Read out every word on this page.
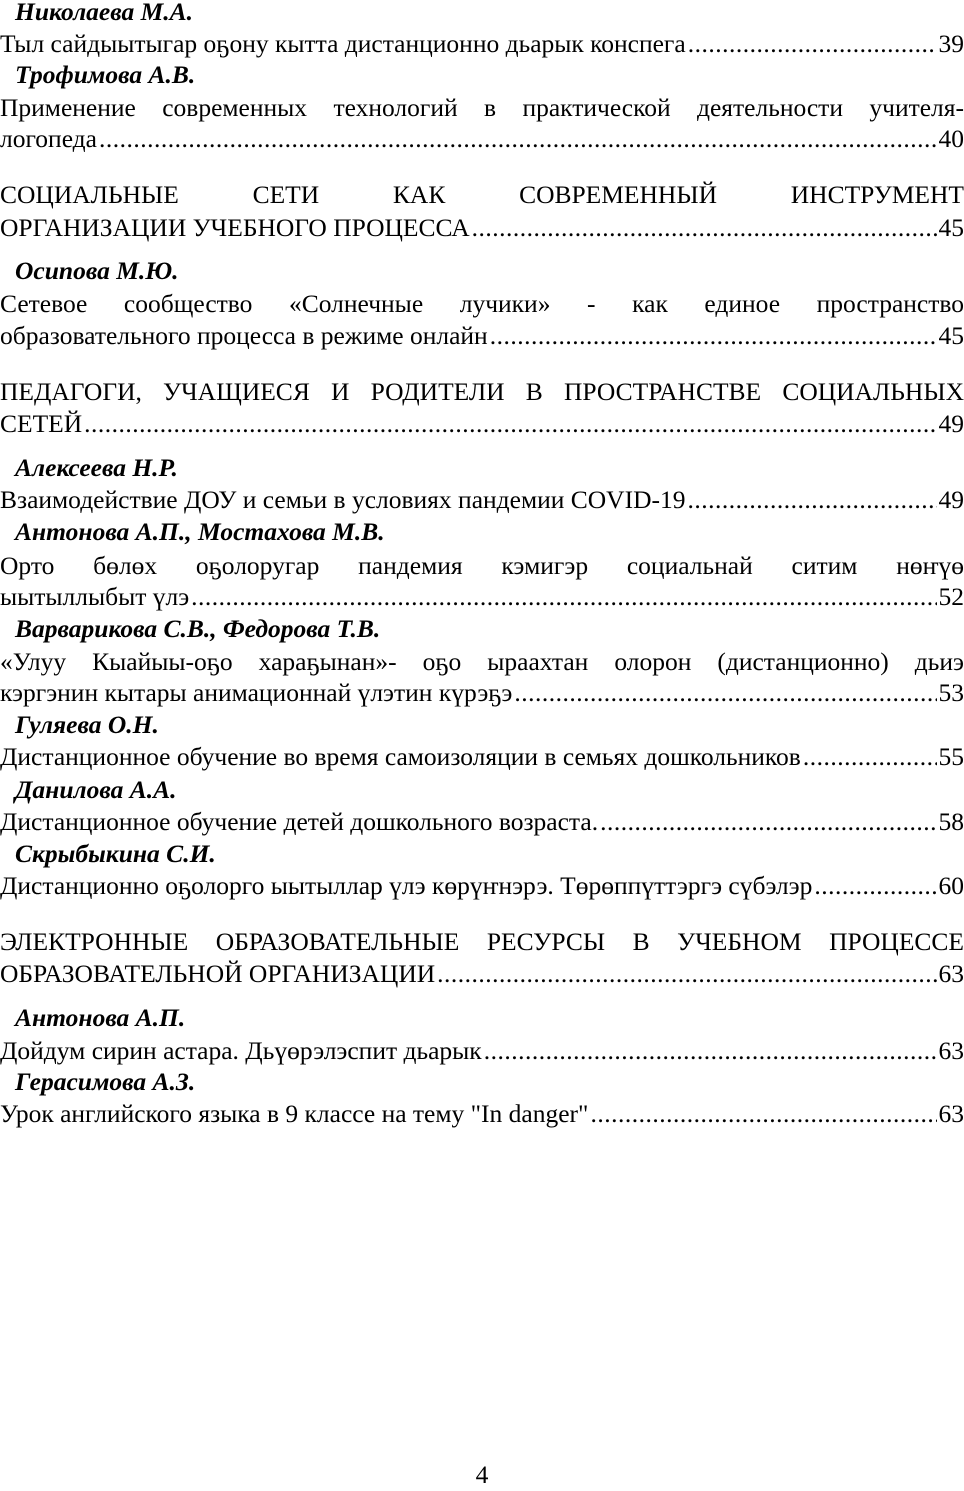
Николаева М.А.
Тыл сайдыытыгар оҕону кытта дистанционно дьарык конспега .....	39
Трофимова А.В.
Применение современных технологий в практической деятельности учителя-
логопеда .....	40
СОЦИАЛЬНЫЕ СЕТИ КАК СОВРЕМЕННЫЙ ИНСТРУМЕНТ
ОРГАНИЗАЦИИ УЧЕБНОГО ПРОЦЕССА .....	45
Осипова М.Ю.
Сетевое сообщество «Солнечные лучики» - как единое пространство
образовательного процесса в режиме онлайн .....	45
ПЕДАГОГИ, УЧАЩИЕСЯ И РОДИТЕЛИ В ПРОСТРАНСТВЕ СОЦИАЛЬНЫХ
СЕТЕЙ .....	49
Алексеева Н.Р.
Взаимодействие ДОУ и семьи в условиях пандемии COVID-19 .....	49
Антонова А.П., Мостахова М.В.
Орто бөлөх оҕолоругар пандемия кэмигэр социальнай ситим нөҥүө
ыытыллыбыт үлэ .....	52
Варварикова С.В., Федорова Т.В.
«Улуу Кыайыы-оҕо хараҕынан»- оҕо ыраахтан олорон (дистанционно) дьиэ
кэргэнин кытары анимационнай үлэтин күрэҕэ .....	53
Гуляева О.Н.
Дистанционное обучение во время самоизоляции в семьях дошкольников .....	55
Данилова А.А.
Дистанционное обучение детей дошкольного возраста. .....	58
Скрыбыкина С.И.
Дистанционно оҕолорго ыытыллар үлэ көрүҥнэрэ. Төрөппүттэргэ сүбэлэр .....	60
ЭЛЕКТРОННЫЕ ОБРАЗОВАТЕЛЬНЫЕ РЕСУРСЫ В УЧЕБНОМ ПРОЦЕССЕ
ОБРАЗОВАТЕЛЬНОЙ ОРГАНИЗАЦИИ .....	63
Антонова А.П.
Дойдум сирин астара. Дьүөрэлэспит дьарык .....	63
Герасимова А.З.
Урок английского языка в 9 классе на тему "In danger" .....	63
4
